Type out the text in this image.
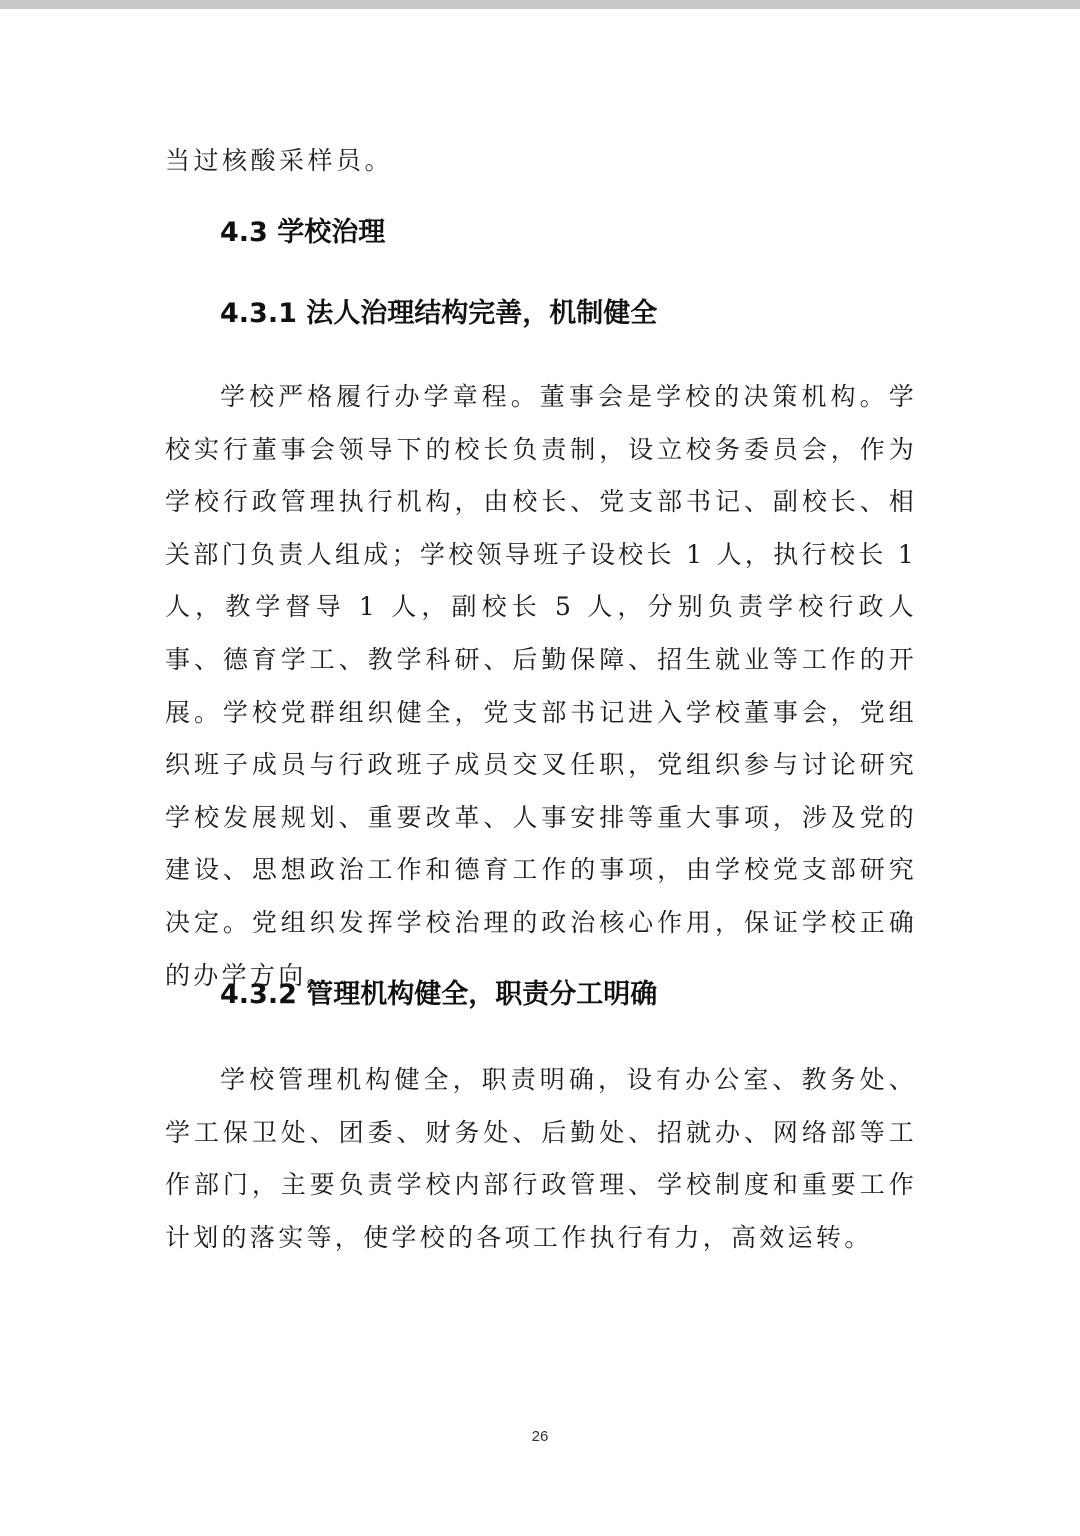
当过核酸采样员。
4.3 学校治理
4.3.1 法人治理结构完善，机制健全

学校严格履行办学章程。董事会是学校的决策机构。学校实行董事会领导下的校长负责制，设立校务委员会，作为学校行政管理执行机构，由校长、党支部书记、副校长、相关部门负责人组成；学校领导班子设校长 1 人，执行校长 1 人，教学督导 1 人，副校长 5 人，分别负责学校行政人事、德育学工、教学科研、后勤保障、招生就业等工作的开展。学校党群组织健全，党支部书记进入学校董事会，党组织班子成员与行政班子成员交叉任职，党组织参与讨论研究学校发展规划、重要改革、人事安排等重大事项，涉及党的建设、思想政治工作和德育工作的事项，由学校党支部研究决定。党组织发挥学校治理的政治核心作用，保证学校正确的办学方向。

4.3.2 管理机构健全，职责分工明确

学校管理机构健全，职责明确，设有办公室、教务处、学工保卫处、团委、财务处、后勤处、招就办、网络部等工作部门，主要负责学校内部行政管理、学校制度和重要工作计划的落实等，使学校的各项工作执行有力，高效运转。

26
